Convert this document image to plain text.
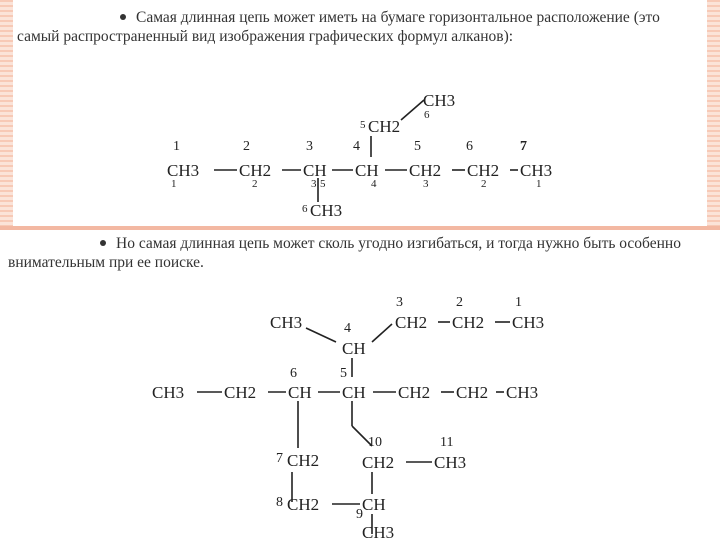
Самая длинная цепь может иметь на бумаге горизонтальное расположение (это самый распространенный вид изображения графических формул алканов):
1	2	3	4	5	6	7
CH3 CH2 CH CH CH2 CH2 CH3
1	2	3 5	4	3	2	1
5 CH2
CH3
6
6 CH3
Но самая длинная цепь может сколь угодно изгибаться, и тогда нужно быть особенно внимательным при ее поиске.
3	2	1
4
CH3	CH2 CH2 CH3
CH
6	5
CH3 CH2 CH CH CH2 CH2 CH3
7 CH2
8 CH2
10
CH2
11
CH3
CH
9
CH3
